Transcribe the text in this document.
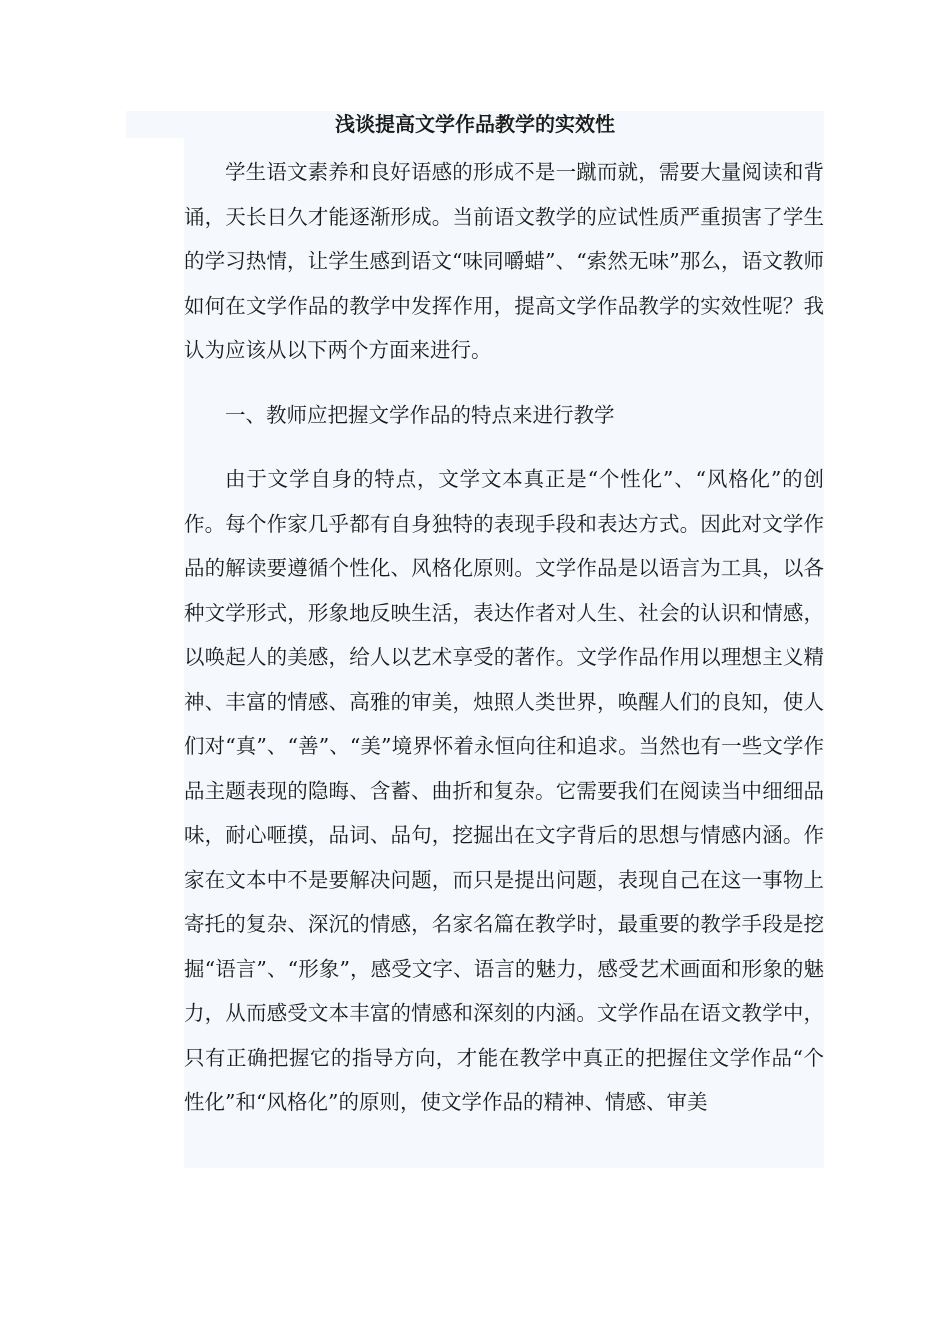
浅谈提高文学作品教学的实效性

学生语文素养和良好语感的形成不是一蹴而就，需要大量阅读和背诵，天长日久才能逐渐形成。当前语文教学的应试性质严重损害了学生的学习热情，让学生感到语文“味同嚼蜡”、“索然无味”那么，语文教师如何在文学作品的教学中发挥作用，提高文学作品教学的实效性呢？我认为应该从以下两个方面来进行。

一、教师应把握文学作品的特点来进行教学

由于文学自身的特点，文学文本真正是“个性化”、“风格化”的创作。每个作家几乎都有自身独特的表现手段和表达方式。因此对文学作品的解读要遵循个性化、风格化原则。文学作品是以语言为工具，以各种文学形式，形象地反映生活，表达作者对人生、社会的认识和情感，以唤起人的美感，给人以艺术享受的著作。文学作品作用以理想主义精神、丰富的情感、高雅的审美，烛照人类世界，唤醒人们的良知，使人们对“真”、“善”、“美”境界怀着永恒向往和追求。当然也有一些文学作品主题表现的隐晦、含蓄、曲折和复杂。它需要我们在阅读当中细细品味，耐心咂摸，品词、品句，挖掘出在文字背后的思想与情感内涵。作家在文本中不是要解决问题，而只是提出问题，表现自己在这一事物上寄托的复杂、深沉的情感，名家名篇在教学时，最重要的教学手段是挖掘“语言”、“形象”，感受文字、语言的魅力，感受艺术画面和形象的魅力，从而感受文本丰富的情感和深刻的内涵。文学作品在语文教学中，只有正确把握它的指导方向，才能在教学中真正的把握住文学作品“个性化”和“风格化”的原则，使文学作品的精神、情感、审美
